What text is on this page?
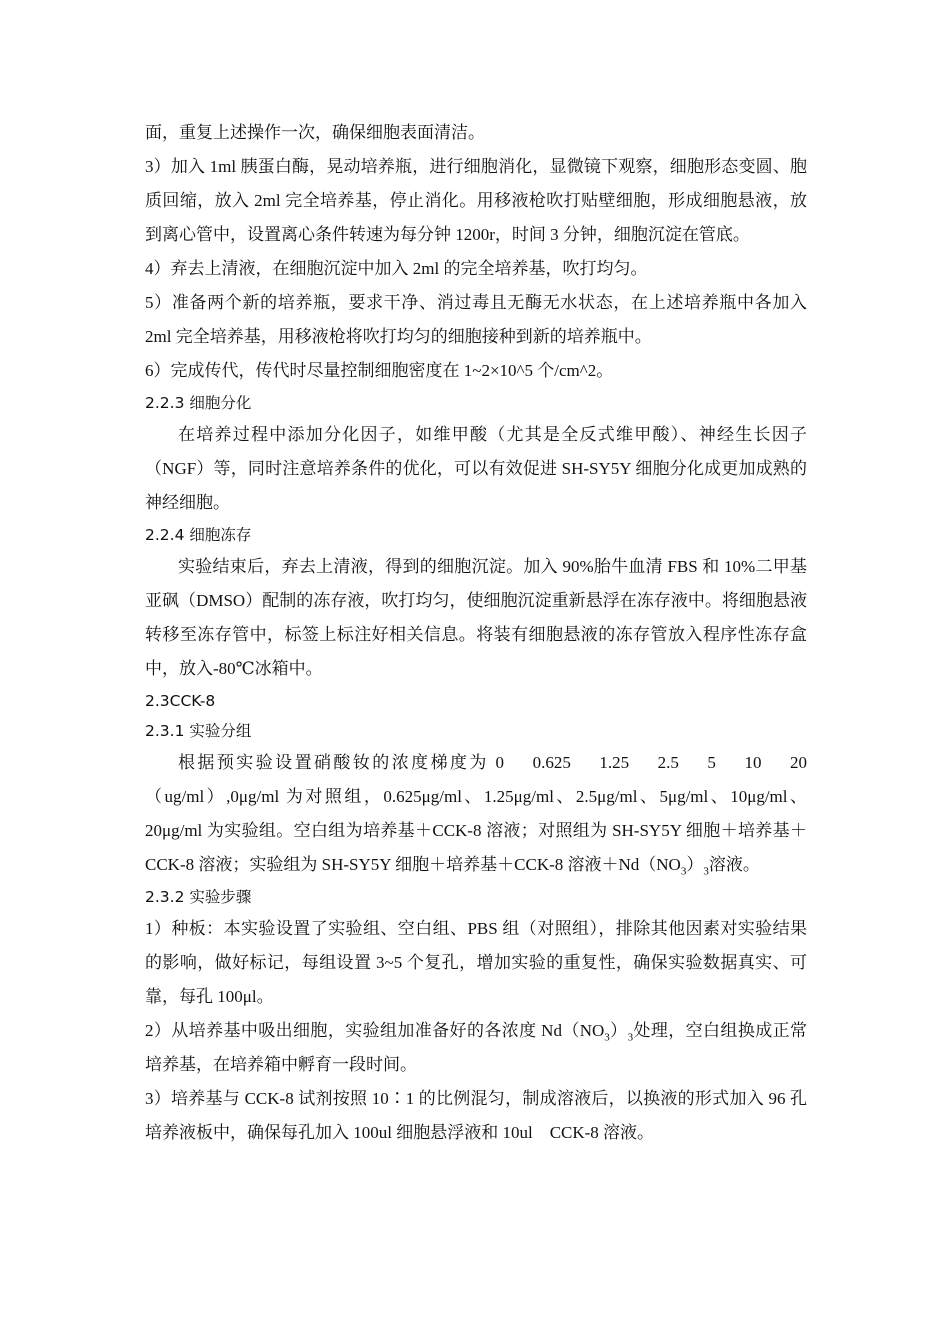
面，重复上述操作一次，确保细胞表面清洁。

3）加入 1ml 胰蛋白酶，晃动培养瓶，进行细胞消化，显微镜下观察，细胞形态变圆、胞质回缩，放入 2ml 完全培养基，停止消化。用移液枪吹打贴壁细胞，形成细胞悬液，放到离心管中，设置离心条件转速为每分钟 1200r，时间 3 分钟，细胞沉淀在管底。

4）弃去上清液，在细胞沉淀中加入 2ml 的完全培养基，吹打均匀。

5）准备两个新的培养瓶，要求干净、消过毒且无酶无水状态，在上述培养瓶中各加入 2ml 完全培养基，用移液枪将吹打均匀的细胞接种到新的培养瓶中。

6）完成传代，传代时尽量控制细胞密度在 1~2×10^5 个/cm^2。

2.2.3 细胞分化

在培养过程中添加分化因子，如维甲酸（尤其是全反式维甲酸）、神经生长因子（NGF）等，同时注意培养条件的优化，可以有效促进 SH-SY5Y 细胞分化成更加成熟的神经细胞。

2.2.4 细胞冻存

实验结束后，弃去上清液，得到的细胞沉淀。加入 90%胎牛血清 FBS 和 10%二甲基亚砜（DMSO）配制的冻存液，吹打均匀，使细胞沉淀重新悬浮在冻存液中。将细胞悬液转移至冻存管中，标签上标注好相关信息。将装有细胞悬液的冻存管放入程序性冻存盒中，放入-80℃冰箱中。

2.3CCK-8

2.3.1 实验分组

根据预实验设置硝酸钕的浓度梯度为 0　 0.625　 1.25　 2.5　 5　 10　 20（ug/ml）,0μg/ml 为对照组，0.625μg/ml、1.25μg/ml、2.5μg/ml、5μg/ml、10μg/ml、20μg/ml 为实验组。空白组为培养基＋CCK-8 溶液；对照组为 SH-SY5Y 细胞＋培养基＋CCK-8 溶液；实验组为 SH-SY5Y 细胞＋培养基＋CCK-8 溶液$+Nd(NO_3)_3$溶液。

2.3.2 实验步骤

1）种板：本实验设置了实验组、空白组、PBS 组（对照组），排除其他因素对实验结果的影响，做好标记，每组设置 3~5 个复孔，增加实验的重复性，确保实验数据真实、可靠，每孔 100μl。

2）从培养基中吸出细胞，实验组加准备好的各浓度 $Nd(NO_3)_3$处理，空白组换成正常培养基，在培养箱中孵育一段时间。

3）培养基与 CCK-8 试剂按照 10∶1 的比例混匀，制成溶液后，以换液的形式加入 96 孔培养液板中，确保每孔加入 100ul 细胞悬浮液和 10ul　CCK-8 溶液。
